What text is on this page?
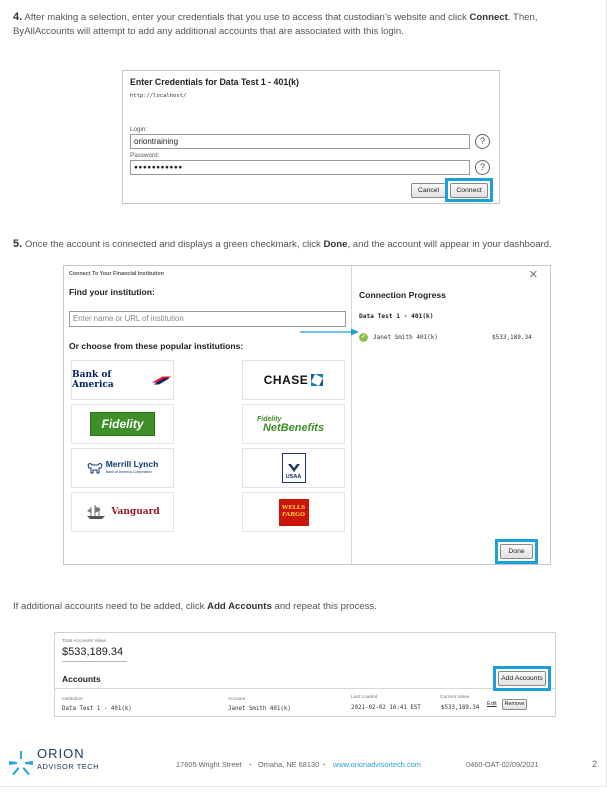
4. After making a selection, enter your credentials that you use to access that custodian’s website and click Connect. Then, ByAllAccounts will attempt to add any additional accounts that are associated with this login.

Enter Credentials for Data Test 1 - 401(k)
http://localhost/
Login:
oriontraining	?
Password:
●●●●●●●●●●●	?
Cancel	Connect

5. Once the account is connected and displays a green checkmark, click Done, and the account will appear in your dashboard.

Connect To Your Financial Institution	×
Find your institution:
Enter name or URL of institution
Or choose from these popular institutions:
Bank of America	CHASE
Fidelity	Fidelity
NetBenefits
Merrill Lynch
Bank of America Corporation
USAA
Vanguard	WELLS
FARGO
Connection Progress
Data Test 1 - 401(k)
✓	Janet Smith 401(k)	$533,189.34
Done

If additional accounts need to be added, click Add Accounts and repeat this process.

Total Accounts Value
$533,189.34
Accounts	Add Accounts
Institution	Account	Last Loaded	Current Value
Data Test 1 - 401(k)	Janet Smith 401(k)	2021-02-02 16:41 EST	$533,189.34
Edit	Remove
ORION
ADVISOR TECH	17605 Wright Street • Omaha, NE 68130 • www.orionadvisortech.com	0460-OAT-02/09/2021	2
